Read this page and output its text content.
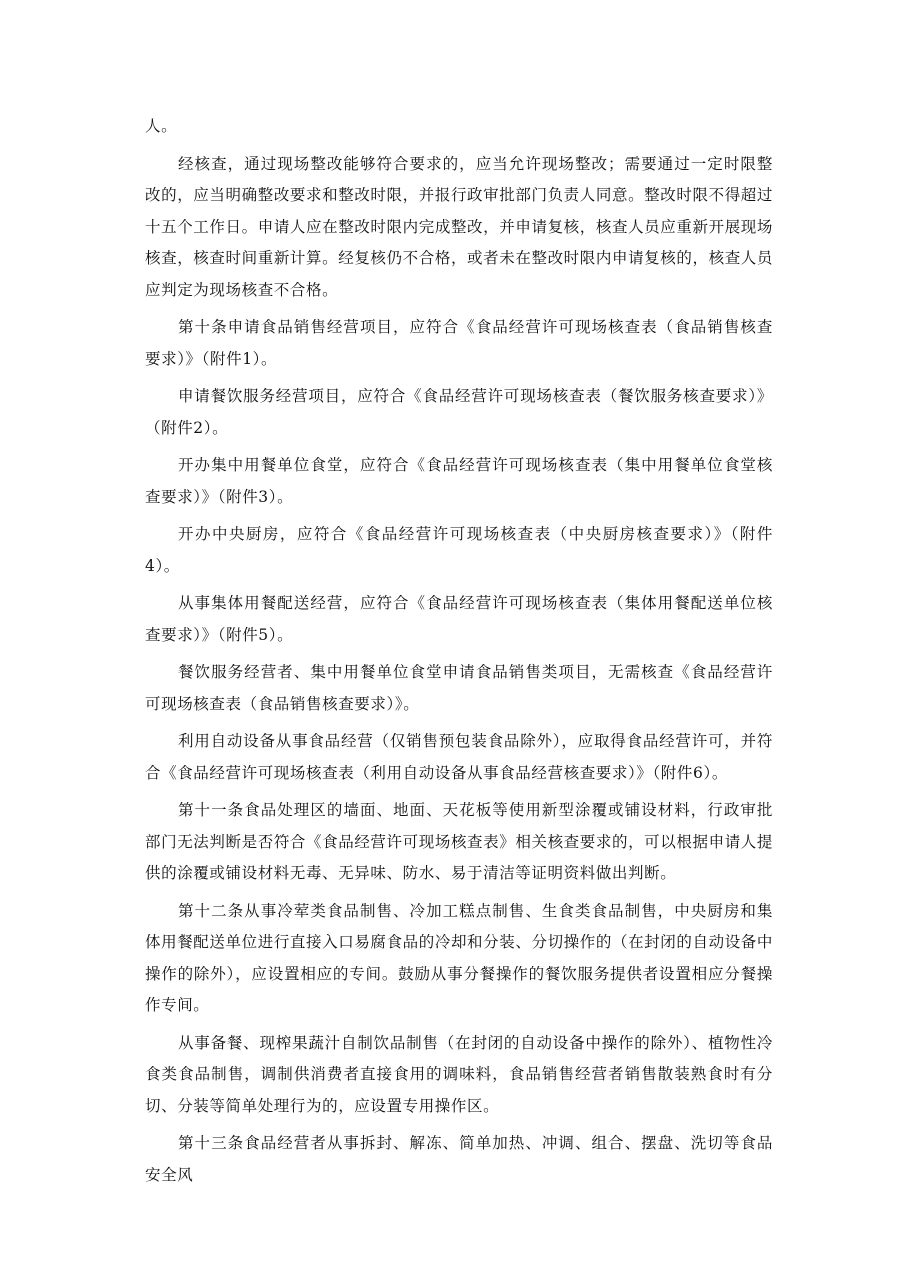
人。

经核查，通过现场整改能够符合要求的，应当允许现场整改；需要通过一定时限整改的，应当明确整改要求和整改时限，并报行政审批部门负责人同意。整改时限不得超过十五个工作日。申请人应在整改时限内完成整改，并申请复核，核查人员应重新开展现场核查，核查时间重新计算。经复核仍不合格，或者未在整改时限内申请复核的，核查人员应判定为现场核查不合格。

第十条申请食品销售经营项目，应符合《食品经营许可现场核查表（食品销售核查要求）》（附件1）。

申请餐饮服务经营项目，应符合《食品经营许可现场核查表（餐饮服务核查要求）》（附件2）。

开办集中用餐单位食堂，应符合《食品经营许可现场核查表（集中用餐单位食堂核查要求）》（附件3）。

开办中央厨房，应符合《食品经营许可现场核查表（中央厨房核查要求）》（附件4）。

从事集体用餐配送经营，应符合《食品经营许可现场核查表（集体用餐配送单位核查要求）》（附件5）。

餐饮服务经营者、集中用餐单位食堂申请食品销售类项目，无需核查《食品经营许可现场核查表（食品销售核查要求）》。

利用自动设备从事食品经营（仅销售预包装食品除外），应取得食品经营许可，并符合《食品经营许可现场核查表（利用自动设备从事食品经营核查要求）》（附件6）。

第十一条食品处理区的墙面、地面、天花板等使用新型涂覆或铺设材料，行政审批部门无法判断是否符合《食品经营许可现场核查表》相关核查要求的，可以根据申请人提供的涂覆或铺设材料无毒、无异味、防水、易于清洁等证明资料做出判断。

第十二条从事冷荤类食品制售、冷加工糕点制售、生食类食品制售，中央厨房和集体用餐配送单位进行直接入口易腐食品的冷却和分装、分切操作的（在封闭的自动设备中操作的除外），应设置相应的专间。鼓励从事分餐操作的餐饮服务提供者设置相应分餐操作专间。

从事备餐、现榨果蔬汁自制饮品制售（在封闭的自动设备中操作的除外）、植物性冷食类食品制售，调制供消费者直接食用的调味料，食品销售经营者销售散装熟食时有分切、分装等简单处理行为的，应设置专用操作区。

第十三条食品经营者从事拆封、解冻、简单加热、冲调、组合、摆盘、洗切等食品安全风
